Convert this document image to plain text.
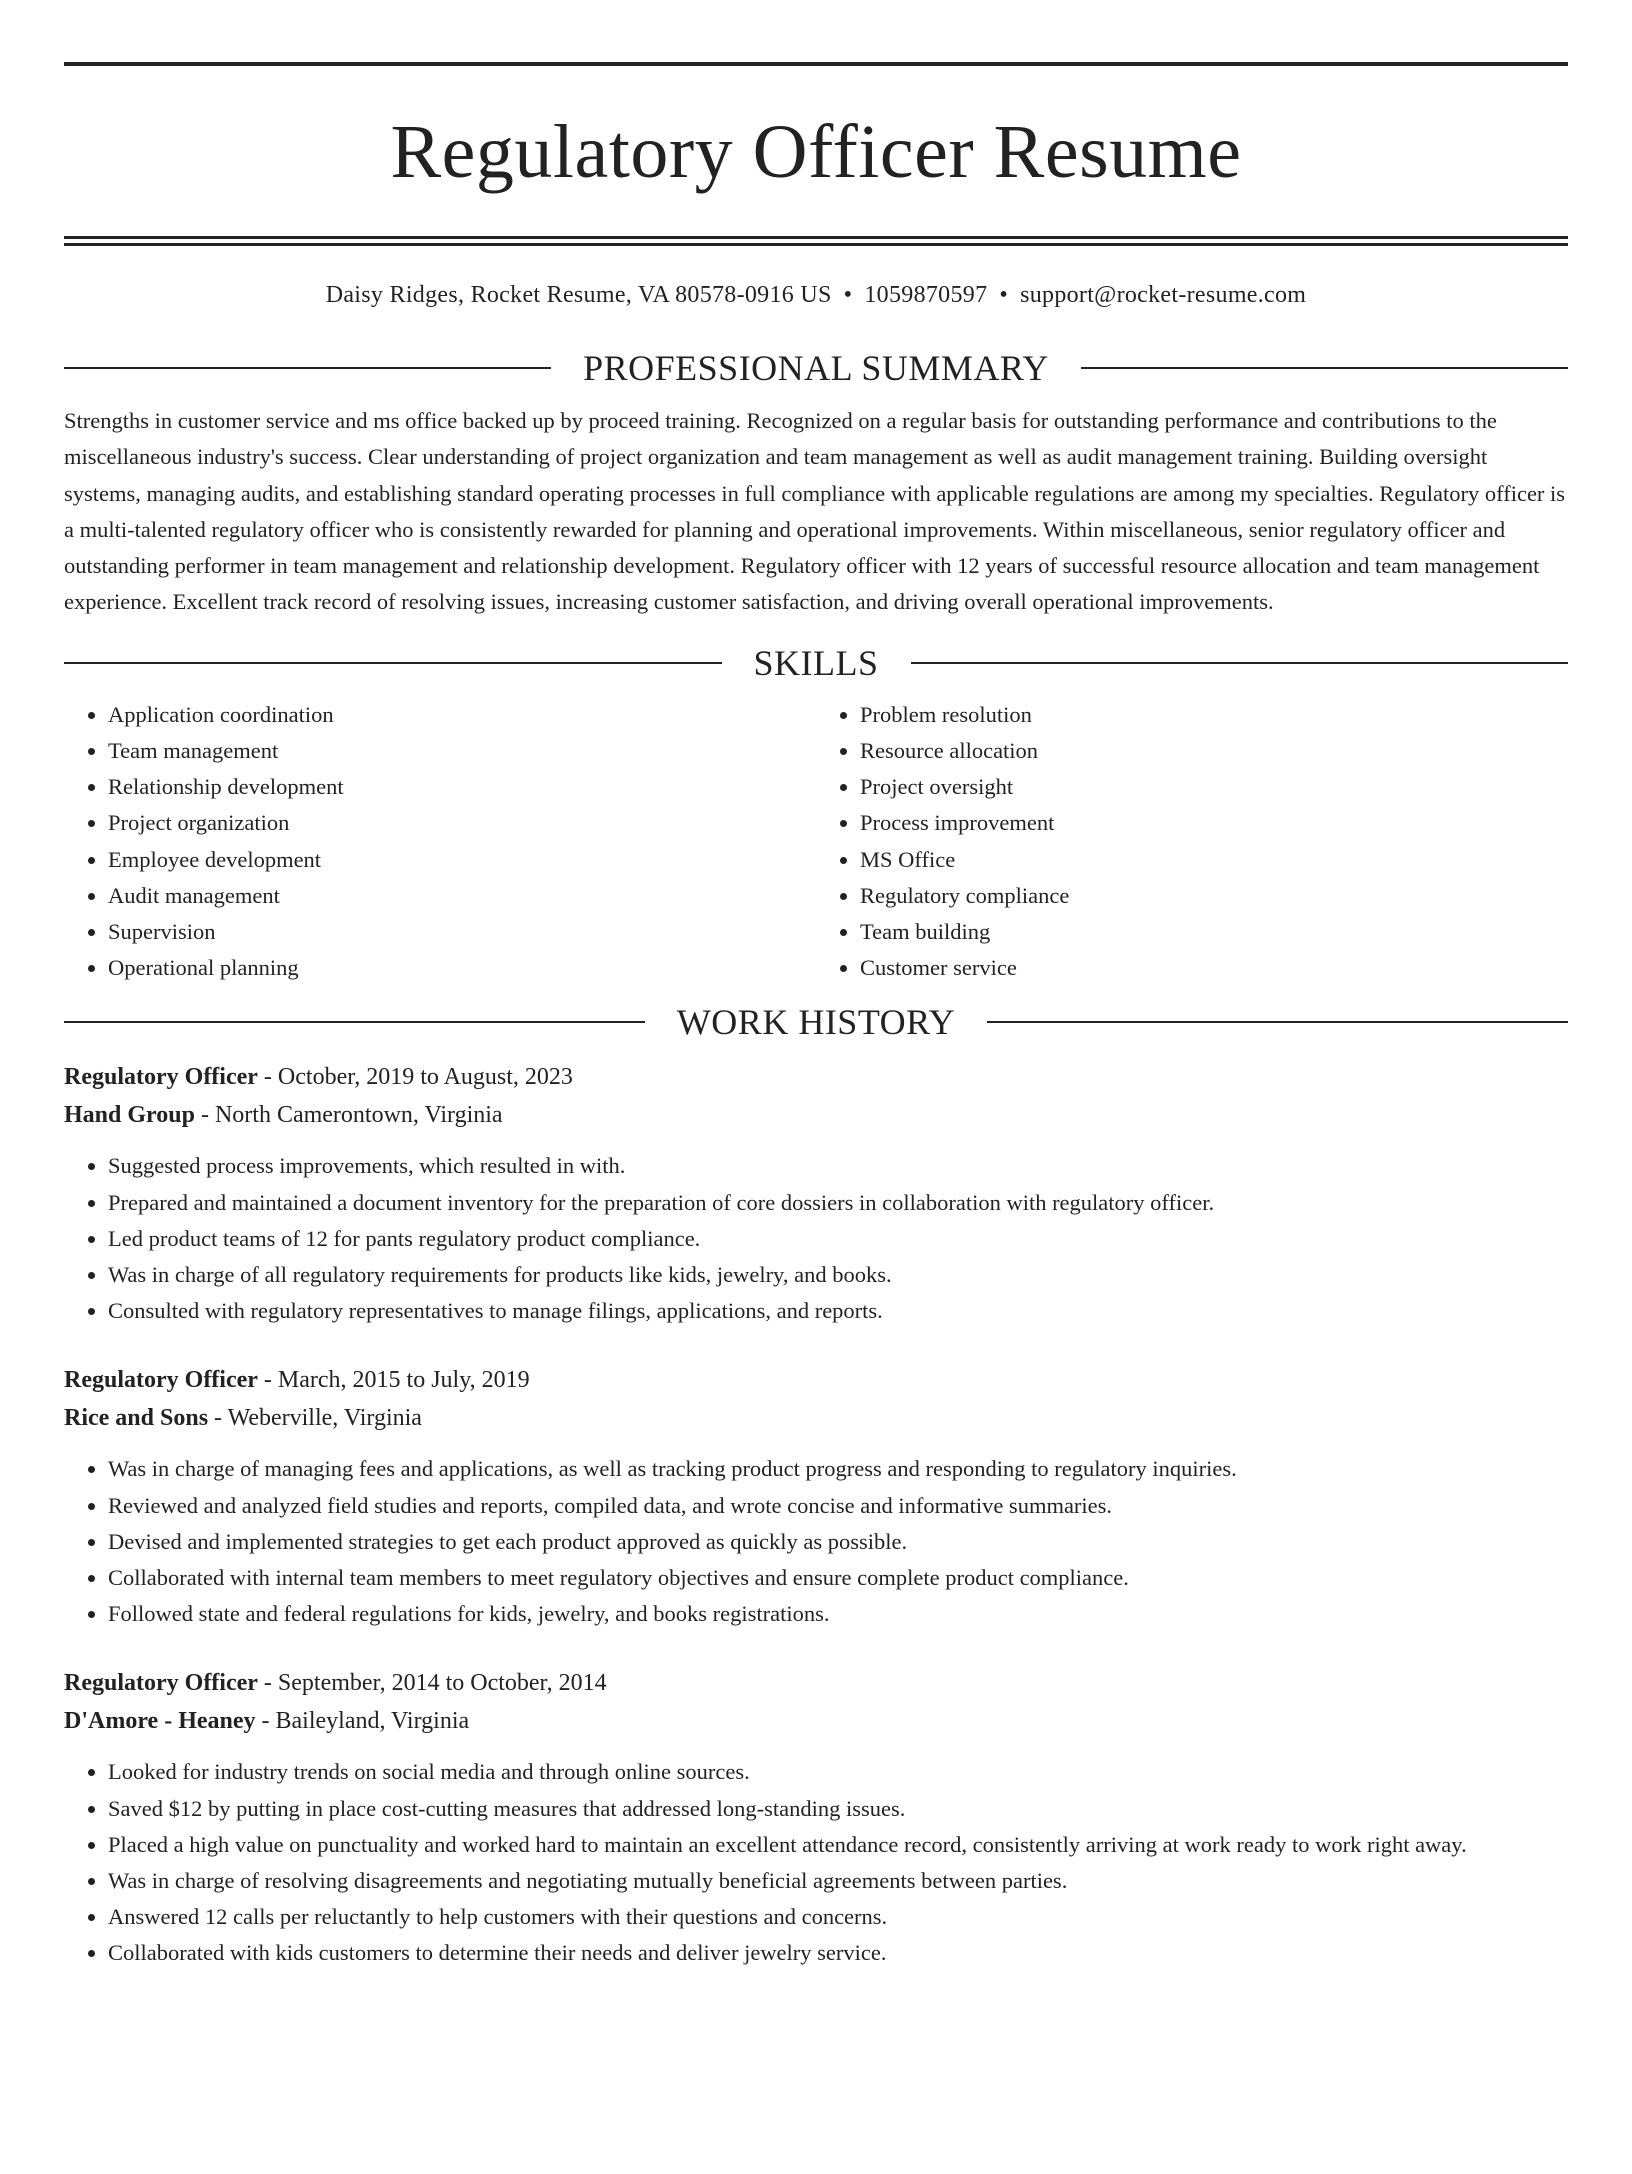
Regulatory Officer Resume
Daisy Ridges, Rocket Resume, VA 80578-0916 US • 1059870597 • support@rocket-resume.com
PROFESSIONAL SUMMARY

Strengths in customer service and ms office backed up by proceed training. Recognized on a regular basis for outstanding performance and contributions to the miscellaneous industry's success. Clear understanding of project organization and team management as well as audit management training. Building oversight systems, managing audits, and establishing standard operating processes in full compliance with applicable regulations are among my specialties. Regulatory officer is a multi-talented regulatory officer who is consistently rewarded for planning and operational improvements. Within miscellaneous, senior regulatory officer and outstanding performer in team management and relationship development. Regulatory officer with 12 years of successful resource allocation and team management experience. Excellent track record of resolving issues, increasing customer satisfaction, and driving overall operational improvements.

SKILLS
• Application coordination
• Team management
• Relationship development
• Project organization
• Employee development
• Audit management
• Supervision
• Operational planning
• Problem resolution
• Resource allocation
• Project oversight
• Process improvement
• MS Office
• Regulatory compliance
• Team building
• Customer service
WORK HISTORY

Regulatory Officer - October, 2019 to August, 2023

Hand Group - North Camerontown, Virginia

• Suggested process improvements, which resulted in with.
• Prepared and maintained a document inventory for the preparation of core dossiers in collaboration with regulatory officer.
• Led product teams of 12 for pants regulatory product compliance.
• Was in charge of all regulatory requirements for products like kids, jewelry, and books.
• Consulted with regulatory representatives to manage filings, applications, and reports.

Regulatory Officer - March, 2015 to July, 2019

Rice and Sons - Weberville, Virginia

• Was in charge of managing fees and applications, as well as tracking product progress and responding to regulatory inquiries.
• Reviewed and analyzed field studies and reports, compiled data, and wrote concise and informative summaries.
• Devised and implemented strategies to get each product approved as quickly as possible.
• Collaborated with internal team members to meet regulatory objectives and ensure complete product compliance.
• Followed state and federal regulations for kids, jewelry, and books registrations.

Regulatory Officer - September, 2014 to October, 2014

D'Amore - Heaney - Baileyland, Virginia

• Looked for industry trends on social media and through online sources.
• Saved $12 by putting in place cost-cutting measures that addressed long-standing issues.
• Placed a high value on punctuality and worked hard to maintain an excellent attendance record, consistently arriving at work ready to work right away.
• Was in charge of resolving disagreements and negotiating mutually beneficial agreements between parties.
• Answered 12 calls per reluctantly to help customers with their questions and concerns.
• Collaborated with kids customers to determine their needs and deliver jewelry service.
